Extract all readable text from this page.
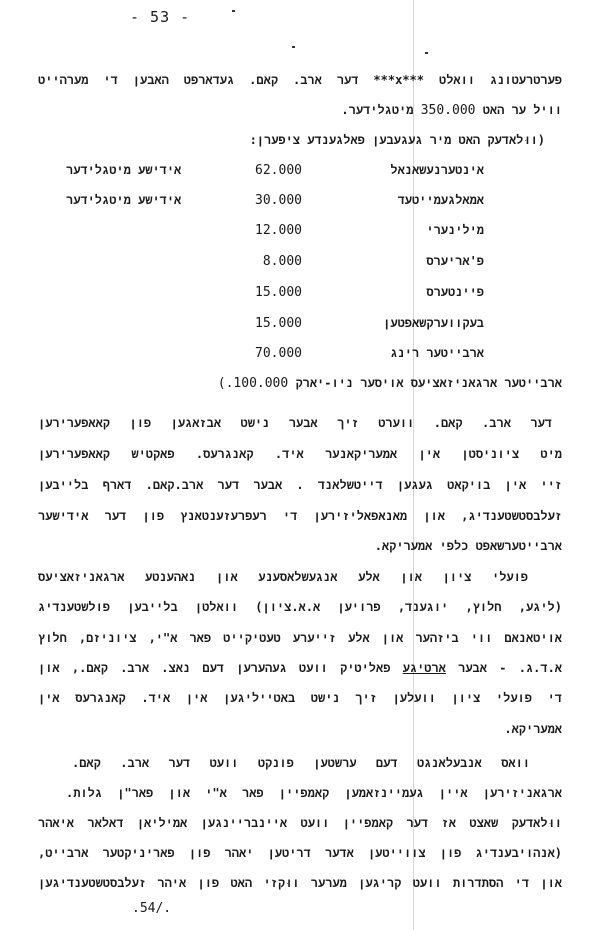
- 53 -
פערטרעטונג וואלט ***x*** דער ארב. קאם. געדארפט האבען די מערהייט
וויל ער האט 350.000 מיטגלידער.
(ווּלאדעק האט מיר געגעבען פאלגענדע ציפערן:
אינטערנעשאנאל
62.000
אידישע מיטגלידער
אמאלגעמייטעד
30.000
אידישע מיטגלידער
מילינערי
12.000
פ'אריערס
8.000
פיינטערס
15.000
בעקווערקשאפטען
15.000
ארבייטער רינג
70.000
ארבייטער ארגאניזאציעס אויסער ניו-יארק (.100.000
דער ארב. קאם. ווערט זיך אבער נישט אבזאגען פון קאאפערירען
מיט ציוניסטן אין אמעריקאנער איד. קאנגרעס. פאקטיש קאאפערירען
זיי אין בויקאט געגען דייטשלאנד . אבער דער ארב.קאם. דארף בלייבען
זעלבסטשטענדיג, און מאנאפאליזירען די רעפרעזענטאנץ פון דער אידישער
ארבייטערשאפט כלפי אמעריקא.
פועלי ציון און אלע אנגעשלאסענע און נאהענטע ארגאניזאציעס
(ליגע, חלוץ, יוגענד, פרויען א.א.ציון) וואלטן בלייבען פולשטענדיג
אויטאנאם ווי ביזהער און אלע זייערע טעטיקייט פאר א"י, ציוניזם, חלוץ
א.ד.ג. - אבער ארטיגע פאליטיק וועט געהערען דעם נאצ. ארב. קאם., און
די פועלי ציון וועלען זיך נישט באטייליגען אין איד. קאנגרעס אין
אמעריקא.
וואס אנבעלאנגט דעם ערשטען פונקט וועט דער ארב. קאם.
ארגאניזירען איין געמיינזאמען קאמפיין פאר א"י און פאר"ן גלות.
ווּלאדעק שאצט אז דער קאמפיין וועט איינבריינגען אמיליאן דאלאר איאהר
(אנהויבענדיג פון צווייטען אדער דריטען יאהר פון פאריניקטער ארבייט,
און די הסתדרות וועט קריגען מערער ווּקזי האט פון איהר זעלבסטשטענדיגען
.54/.
